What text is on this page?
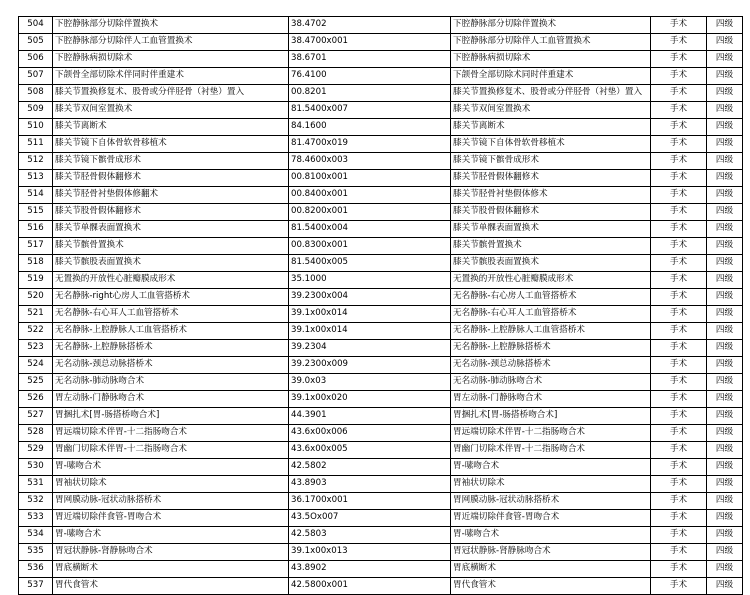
504	下腔静脉部分切除伴置换术	38.4702	下腔静脉部分切除伴置换术	手术	四级
505	下腔静脉部分切除伴人工血管置换术	38.4700x001	下腔静脉部分切除伴人工血管置换术	手术	四级
506	下腔静脉病损切除术	38.6701	下腔静脉病损切除术	手术	四级
507	下颌骨全部切除术伴同时伴重建术	76.4100	下颌骨全部切除术同时伴重建术	手术	四级
508	膝关节置换修复术、股骨或分伴胫骨（衬垫）置入	00.8201	膝关节置换修复术、股骨或分伴胫骨（衬垫）置入	手术	四级
509	膝关节双间室置换术	81.5400x007	膝关节双间室置换术	手术	四级
510	膝关节离断术	84.1600	膝关节离断术	手术	四级
511	膝关节镜下自体骨软骨移植术	81.4700x019	膝关节镜下自体骨软骨移植术	手术	四级
512	膝关节镜下髌骨成形术	78.4600x003	膝关节镜下髌骨成形术	手术	四级
513	膝关节胫骨假体翻修术	00.8100x001	膝关节胫骨假体翻修术	手术	四级
514	膝关节胫骨衬垫假体修翻术	00.8400x001	膝关节胫骨衬垫假体修术	手术	四级
515	膝关节股骨假体翻修术	00.8200x001	膝关节股骨假体翻修术	手术	四级
516	膝关节单髁表面置换术	81.5400x004	膝关节单髁表面置换术	手术	四级
517	膝关节髌骨置换术	00.8300x001	膝关节髌骨置换术	手术	四级
518	膝关节髌股表面置换术	81.5400x005	膝关节髌股表面置换术	手术	四级
519	无置换的开放性心脏瓣膜成形术	35.1000	无置换的开放性心脏瓣膜成形术	手术	四级
520	无名静脉-right心房人工血管搭桥术	39.2300x004	无名静脉-右心房人工血管搭桥术	手术	四级
521	无名静脉-右心耳人工血管搭桥术	39.1x00x014	无名静脉-右心耳人工血管搭桥术	手术	四级
522	无名静脉-上腔静脉人工血管搭桥术	39.1x00x014	无名静脉-上腔静脉人工血管搭桥术	手术	四级
523	无名静脉-上腔静脉搭桥术	39.2304	无名静脉-上腔静脉搭桥术	手术	四级
524	无名动脉-颈总动脉搭桥术	39.2300x009	无名动脉-颈总动脉搭桥术	手术	四级
525	无名动脉-肺动脉吻合术	39.0x03	无名动脉-肺动脉吻合术	手术	四级
526	胃左动脉-门静脉吻合术	39.1x00x020	胃左动脉-门静脉吻合术	手术	四级
527	胃捆扎术[胃-肠搭桥吻合术]	44.3901	胃捆扎术[胃-肠搭桥吻合术]	手术	四级
528	胃远端切除术伴胃-十二指肠吻合术	43.6x00x006	胃远端切除术伴胃-十二指肠吻合术	手术	四级
529	胃幽门切除术伴胃-十二指肠吻合术	43.6x00x005	胃幽门切除术伴胃-十二指肠吻合术	手术	四级
530	胃-嗉吻合术	42.5802	胃-嗉吻合术	手术	四级
531	胃袖状切除术	43.8903	胃袖状切除术	手术	四级
532	胃网膜动脉-冠状动脉搭桥术	36.1700x001	胃网膜动脉-冠状动脉搭桥术	手术	四级
533	胃近端切除伴食管-胃吻合术	43.5Ox007	胃近端切除伴食管-胃吻合术	手术	四级
534	胃-嗉吻合术	42.5803	胃-嗉吻合术	手术	四级
535	胃冠状静脉-肾静脉吻合术	39.1x00x013	胃冠状静脉-肾静脉吻合术	手术	四级
536	胃底横断术	43.8902	胃底横断术	手术	四级
537	胃代食管术	42.5800x001	胃代食管术	手术	四级
